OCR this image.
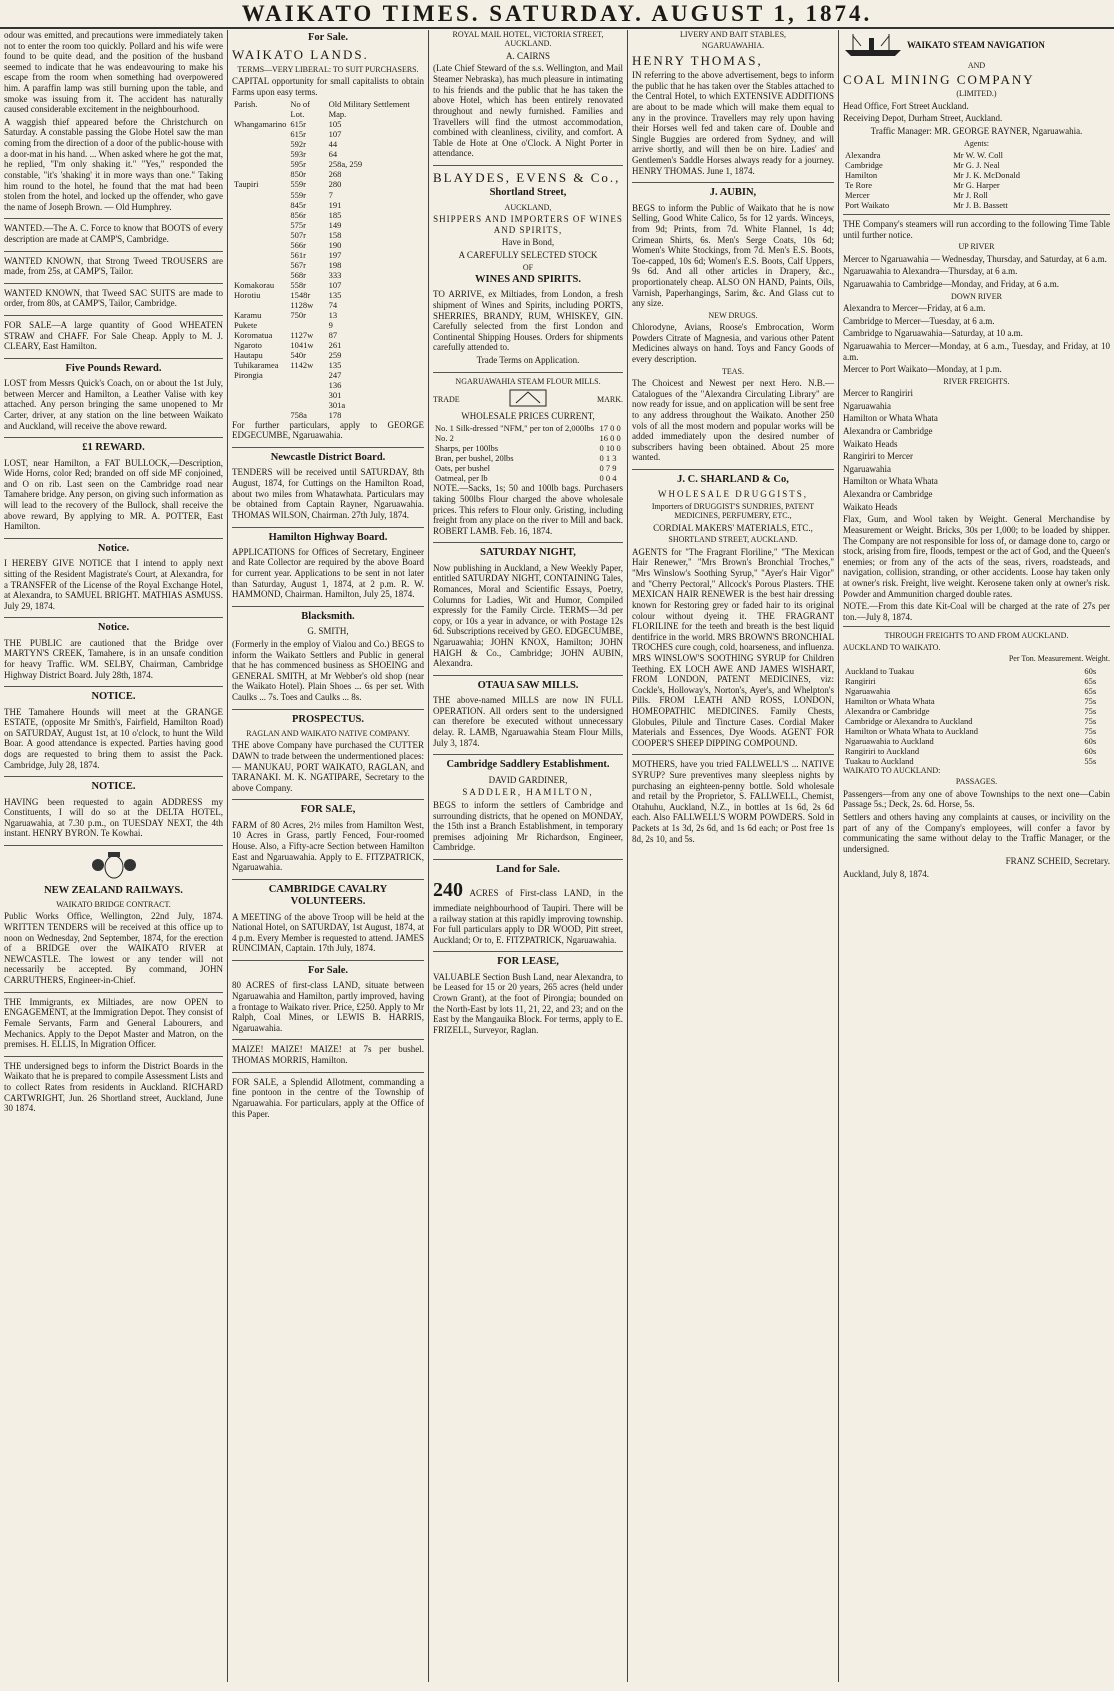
WAIKATO TIMES. SATURDAY. AUGUST 1, 1874.

odour was emitted, and precautions were immediately taken not to enter the room too quickly. Pollard and his wife were found to be quite dead, and the position of the husband seemed to indicate that he was endeavouring to make his escape from the room when something had overpowered him. A paraffin lamp was still burning upon the table, and smoke was issuing from it. The accident has naturally caused considerable excitement in the neighbourhood.

A waggish thief appeared before the Christchurch on Saturday. A constable passing the Globe Hotel saw the man coming from the direction of a door of the public-house with a door-mat in his hand. ... When asked where he got the mat, he replied, "I'm only shaking it." "Yes," responded the constable, "it's 'shaking' it in more ways than one." Taking him round to the hotel, he found that the mat had been stolen from the hotel, and locked up the offender, who gave the name of Joseph Brown. — Old Humphrey.

WANTED.—The A. C. Force to know that BOOTS of every description are made at CAMP'S, Cambridge.

WANTED KNOWN, that Strong Tweed TROUSERS are made, from 25s, at CAMP'S, Tailor.

WANTED KNOWN, that Tweed SAC SUITS are made to order, from 80s, at CAMP'S, Tailor, Cambridge.

FOR SALE—A large quantity of Good WHEATEN STRAW and CHAFF. For Sale Cheap. Apply to M. J. CLEARY, East Hamilton.

Five Pounds Reward.

LOST from Messrs Quick's Coach, on or about the 1st July, between Mercer and Hamilton, a Leather Valise with key attached. Any person bringing the same unopened to Mr Carter, driver, at any station on the line between Waikato and Auckland, will receive the above reward.

£1 REWARD.

LOST, near Hamilton, a FAT BULLOCK,—Description, Wide Horns, color Red; branded on off side MF conjoined, and O on rib. Last seen on the Cambridge road near Tamahere bridge. Any person, on giving such information as will lead to the recovery of the Bullock, shall receive the above reward, By applying to MR. A. POTTER, East Hamilton.

Notice.

I HEREBY GIVE NOTICE that I intend to apply next sitting of the Resident Magistrate's Court, at Alexandra, for a TRANSFER of the License of the Royal Exchange Hotel, at Alexandra, to SAMUEL BRIGHT. MATHIAS ASMUSS. July 29, 1874.

Notice.

THE PUBLIC are cautioned that the Bridge over MARTYN'S CREEK, Tamahere, is in an unsafe condition for heavy Traffic. WM. SELBY, Chairman, Cambridge Highway District Board. July 28th, 1874.

NOTICE.

THE Tamahere Hounds will meet at the GRANGE ESTATE, (opposite Mr Smith's, Fairfield, Hamilton Road) on SATURDAY, August 1st, at 10 o'clock, to hunt the Wild Boar. A good attendance is expected. Parties having good dogs are requested to bring them to assist the Pack. Cambridge, July 28, 1874.

NOTICE.

HAVING been requested to again ADDRESS my Constituents, I will do so at the DELTA HOTEL, Ngaruawahia, at 7.30 p.m., on TUESDAY NEXT, the 4th instant. HENRY BYRON. Te Kowhai.

NEW ZEALAND RAILWAYS.

WAIKATO BRIDGE CONTRACT.

Public Works Office, Wellington, 22nd July, 1874. WRITTEN TENDERS will be received at this office up to noon on Wednesday, 2nd September, 1874, for the erection of a BRIDGE over the WAIKATO RIVER at NEWCASTLE. The lowest or any tender will not necessarily be accepted. By command, JOHN CARRUTHERS, Engineer-in-Chief.

THE Immigrants, ex Miltiades, are now OPEN to ENGAGEMENT, at the Immigration Depot. They consist of Female Servants, Farm and General Labourers, and Mechanics. Apply to the Depot Master and Matron, on the premises. H. ELLIS, In Migration Officer.

THE undersigned begs to inform the District Boards in the Waikato that he is prepared to compile Assessment Lists and to collect Rates from residents in Auckland. RICHARD CARTWRIGHT, Jun. 26 Shortland street, Auckland, June 30 1874.

For Sale.

WAIKATO LANDS.

TERMS—VERY LIBERAL: TO SUIT PURCHASERS.

CAPITAL opportunity for small capitalists to obtain Farms upon easy terms.

Parish.	No of Lot.	Old Military Settlement Map.
Whangamarino	615r	105
	615r	107
	592r	44
	593r	64
	595r	258a, 259
	850r	268
Taupiri	559r	280
	559r	7
	845r	191
	856r	185
	575r	149
	507r	158
	566r	190
	561r	197
	567r	198
	568r	333
Komakorau	558r	107
Horotiu	1548r	135
	1128w	74
Karamu	750r	13
Pukete		9
Koromatua	1127w	87
Ngaroto	1041w	261
Hautapu	540r	259
Tuhikaramea	1142w	135
Pirongia		247
		136
		301
		301a
	758a	178

For further particulars, apply to GEORGE EDGECUMBE, Ngaruawahia.

Newcastle District Board.

TENDERS will be received until SATURDAY, 8th August, 1874, for Cuttings on the Hamilton Road, about two miles from Whatawhata. Particulars may be obtained from Captain Rayner, Ngaruawahia. THOMAS WILSON, Chairman. 27th July, 1874.

Hamilton Highway Board.

APPLICATIONS for Offices of Secretary, Engineer and Rate Collector are required by the above Board for current year. Applications to be sent in not later than Saturday, August 1, 1874, at 2 p.m. R. W. HAMMOND, Chairman. Hamilton, July 25, 1874.

Blacksmith.

G. SMITH,

(Formerly in the employ of Vialou and Co.) BEGS to inform the Waikato Settlers and Public in general that he has commenced business as SHOEING and GENERAL SMITH, at Mr Webber's old shop (near the Waikato Hotel). Plain Shoes ... 6s per set. With Caulks ... 7s. Toes and Caulks ... 8s.

PROSPECTUS.

RAGLAN AND WAIKATO NATIVE COMPANY.

THE above Company have purchased the CUTTER DAWN to trade between the undermentioned places:— MANUKAU, PORT WAIKATO, RAGLAN, and TARANAKI. M. K. NGATIPARE, Secretary to the above Company.

FOR SALE,

FARM of 80 Acres, 2½ miles from Hamilton West, 10 Acres in Grass, partly Fenced, Four-roomed House. Also, a Fifty-acre Section between Hamilton East and Ngaruawahia. Apply to E. FITZPATRICK, Ngaruawahia.

CAMBRIDGE CAVALRY VOLUNTEERS.

A MEETING of the above Troop will be held at the National Hotel, on SATURDAY, 1st August, 1874, at 4 p.m. Every Member is requested to attend. JAMES RUNCIMAN, Captain. 17th July, 1874.

For Sale.

80 ACRES of first-class LAND, situate between Ngaruawahia and Hamilton, partly improved, having a frontage to Waikato river. Price, £250. Apply to Mr Ralph, Coal Mines, or LEWIS B. HARRIS, Ngaruawahia.

MAIZE! MAIZE! MAIZE! at 7s per bushel. THOMAS MORRIS, Hamilton.

FOR SALE, a Splendid Allotment, commanding a fine pontoon in the centre of the Township of Ngaruawahia. For particulars, apply at the Office of this Paper.

ROYAL MAIL HOTEL, VICTORIA STREET, AUCKLAND.

A. CAIRNS

(Late Chief Steward of the s.s. Wellington, and Mail Steamer Nebraska), has much pleasure in intimating to his friends and the public that he has taken the above Hotel, which has been entirely renovated throughout and newly furnished. Families and Travellers will find the utmost accommodation, combined with cleanliness, civility, and comfort. A Table de Hote at One o'Clock. A Night Porter in attendance.

BLAYDES, EVENS & Co.,

Shortland Street,

AUCKLAND,

SHIPPERS AND IMPORTERS OF WINES AND SPIRITS,

Have in Bond,

A CAREFULLY SELECTED STOCK

OF

WINES AND SPIRITS.

TO ARRIVE, ex Miltiades, from London, a fresh shipment of Wines and Spirits, including PORTS, SHERRIES, BRANDY, RUM, WHISKEY, GIN. Carefully selected from the first London and Continental Shipping Houses. Orders for shipments carefully attended to.

Trade Terms on Application.

NGARUAWAHIA STEAM FLOUR MILLS.

TRADE	MARK.

WHOLESALE PRICES CURRENT,

No. 1 Silk-dressed "NFM," per ton of 2,000lbs	17 0 0
No. 2	16 0 0
Sharps, per 100lbs	0 10 0
Bran, per bushel, 20lbs	0 1 3
Oats, per bushel	0 7 9
Oatmeal, per lb	0 0 4

NOTE.—Sacks, 1s; 50 and 100lb bags. Purchasers taking 500lbs Flour charged the above wholesale prices. This refers to Flour only. Gristing, including freight from any place on the river to Mill and back. ROBERT LAMB. Feb. 16, 1874.

SATURDAY NIGHT,

Now publishing in Auckland, a New Weekly Paper, entitled SATURDAY NIGHT, CONTAINING Tales, Romances, Moral and Scientific Essays, Poetry, Columns for Ladies, Wit and Humor, Compiled expressly for the Family Circle. TERMS—3d per copy, or 10s a year in advance, or with Postage 12s 6d. Subscriptions received by GEO. EDGECUMBE, Ngaruawahia; JOHN KNOX, Hamilton; JOHN HAIGH & Co., Cambridge; JOHN AUBIN, Alexandra.

OTAUA SAW MILLS.

THE above-named MILLS are now IN FULL OPERATION. All orders sent to the undersigned can therefore be executed without unnecessary delay. R. LAMB, Ngaruawahia Steam Flour Mills, July 3, 1874.

Cambridge Saddlery Establishment.

DAVID GARDINER,

SADDLER, HAMILTON,

BEGS to inform the settlers of Cambridge and surrounding districts, that he opened on MONDAY, the 15th inst a Branch Establishment, in temporary premises adjoining Mr Richardson, Engineer, Cambridge.

Land for Sale.

240 ACRES of First-class LAND, in the immediate neighbourhood of Taupiri. There will be a railway station at this rapidly improving township. For full particulars apply to DR WOOD, Pitt street, Auckland; Or to, E. FITZPATRICK, Ngaruawahia.

FOR LEASE,

VALUABLE Section Bush Land, near Alexandra, to be Leased for 15 or 20 years, 265 acres (held under Crown Grant), at the foot of Pirongia; bounded on the North-East by lots 11, 21, 22, and 23; and on the East by the Mangauika Block. For terms, apply to E. FRIZELL, Surveyor, Raglan.

LIVERY AND BAIT STABLES,

NGARUAWAHIA.

HENRY THOMAS,

IN referring to the above advertisement, begs to inform the public that he has taken over the Stables attached to the Central Hotel, to which EXTENSIVE ADDITIONS are about to be made which will make them equal to any in the province. Travellers may rely upon having their Horses well fed and taken care of. Double and Single Buggies are ordered from Sydney, and will arrive shortly, and will then be on hire. Ladies' and Gentlemen's Saddle Horses always ready for a journey. HENRY THOMAS. June 1, 1874.

J. AUBIN,

BEGS to inform the Public of Waikato that he is now Selling, Good White Calico, 5s for 12 yards. Winceys, from 9d; Prints, from 7d. White Flannel, 1s 4d; Crimean Shirts, 6s. Men's Serge Coats, 10s 6d; Women's White Stockings, from 7d. Men's E.S. Boots, Toe-capped, 10s 6d; Women's E.S. Boots, Calf Uppers, 9s 6d. And all other articles in Drapery, &c., proportionately cheap. ALSO ON HAND, Paints, Oils, Varnish, Paperhangings, Sarim, &c. And Glass cut to any size.

NEW DRUGS.

Chlorodyne, Avians, Roose's Embrocation, Worm Powders Citrate of Magnesia, and various other Patent Medicines always on hand. Toys and Fancy Goods of every description.

TEAS.

The Choicest and Newest per next Hero. N.B.—Catalogues of the "Alexandra Circulating Library" are now ready for issue, and on application will be sent free to any address throughout the Waikato. Another 250 vols of all the most modern and popular works will be added immediately upon the desired number of subscribers having been obtained. About 25 more wanted.

J. C. SHARLAND & Co,

WHOLESALE DRUGGISTS,

Importers of DRUGGIST'S SUNDRIES, PATENT MEDICINES, PERFUMERY, ETC.,

CORDIAL MAKERS' MATERIALS, ETC.,

SHORTLAND STREET, AUCKLAND.

AGENTS for "The Fragrant Floriline," "The Mexican Hair Renewer," "Mrs Brown's Bronchial Troches," "Mrs Winslow's Soothing Syrup," "Ayer's Hair Vigor" and "Cherry Pectoral," Allcock's Porous Plasters. THE MEXICAN HAIR RENEWER is the best hair dressing known for Restoring grey or faded hair to its original colour without dyeing it. THE FRAGRANT FLORILINE for the teeth and breath is the best liquid dentifrice in the world. MRS BROWN'S BRONCHIAL TROCHES cure cough, cold, hoarseness, and influenza. MRS WINSLOW'S SOOTHING SYRUP for Children Teething. EX LOCH AWE AND JAMES WISHART, FROM LONDON, PATENT MEDICINES, viz: Cockle's, Holloway's, Norton's, Ayer's, and Whelpton's Pills. FROM LEATH AND ROSS, LONDON, HOMEOPATHIC MEDICINES. Family Chests, Globules, Pilule and Tincture Cases. Cordial Maker Materials and Essences, Dye Woods. AGENT FOR COOPER'S SHEEP DIPPING COMPOUND.

MOTHERS, have you tried FALLWELL'S ... NATIVE SYRUP? Sure preventives many sleepless nights by purchasing an eighteen-penny bottle. Sold wholesale and retail by the Proprietor, S. FALLWELL, Chemist, Otahuhu, Auckland, N.Z., in bottles at 1s 6d, 2s 6d each. Also FALLWELL'S WORM POWDERS. Sold in Packets at 1s 3d, 2s 6d, and 1s 6d each; or Post free 1s 8d, 2s 10, and 5s.

WAIKATO STEAM NAVIGATION

AND

COAL MINING COMPANY

(LIMITED.)

Head Office, Fort Street Auckland.

Receiving Depot, Durham Street, Auckland.

Traffic Manager: MR. GEORGE RAYNER, Ngaruawahia.

Agents:

Alexandra	Mr W. W. Coll
Cambridge	Mr G. J. Neal
Hamilton	Mr J. K. McDonald
Te Rore	Mr G. Harper
Mercer	Mr J. Roll
Port Waikato	Mr J. B. Bassett

THE Company's steamers will run according to the following Time Table until further notice.

UP RIVER

Mercer to Ngaruawahia — Wednesday, Thursday, and Saturday, at 6 a.m.

Ngaruawahia to Alexandra—Thursday, at 6 a.m.

Ngaruawahia to Cambridge—Monday, and Friday, at 6 a.m.

DOWN RIVER

Alexandra to Mercer—Friday, at 6 a.m.

Cambridge to Mercer—Tuesday, at 6 a.m.

Cambridge to Ngaruawahia—Saturday, at 10 a.m.

Ngaruawahia to Mercer—Monday, at 6 a.m., Tuesday, and Friday, at 10 a.m.

Mercer to Port Waikato—Monday, at 1 p.m.

RIVER FREIGHTS.

Mercer to Rangiriri

Ngaruawahia

Hamilton or Whata Whata

Alexandra or Cambridge

Waikato Heads

Rangiriri to Mercer

Ngaruawahia

Hamilton or Whata Whata

Alexandra or Cambridge

Waikato Heads

Flax, Gum, and Wool taken by Weight. General Merchandise by Measurement or Weight. Bricks, 30s per 1,000; to be loaded by shipper. The Company are not responsible for loss of, or damage done to, cargo or stock, arising from fire, floods, tempest or the act of God, and the Queen's enemies; or from any of the acts of the seas, rivers, roadsteads, and navigation, collision, stranding, or other accidents. Loose hay taken only at owner's risk. Freight, live weight. Kerosene taken only at owner's risk. Powder and Ammunition charged double rates.

NOTE.—From this date Kit-Coal will be charged at the rate of 27s per ton.—July 8, 1874.

THROUGH FREIGHTS TO AND FROM AUCKLAND.

AUCKLAND TO WAIKATO.

Per Ton. Measurement. Weight.

Auckland to Tuakau	60s
Rangiriri	65s
Ngaruawahia	65s
Hamilton or Whata Whata	75s
Alexandra or Cambridge	75s
Cambridge or Alexandra to Auckland	75s
Hamilton or Whata Whata to Auckland	75s
Ngaruawahia to Auckland	60s
Rangiriri to Auckland	60s
Tuakau to Auckland	55s

WAIKATO TO AUCKLAND:

PASSAGES.

Passengers—from any one of above Townships to the next one—Cabin Passage 5s.; Deck, 2s. 6d. Horse, 5s.

Settlers and others having any complaints at causes, or incivility on the part of any of the Company's employees, will confer a favor by communicating the same without delay to the Traffic Manager, or the undersigned.

FRANZ SCHEID, Secretary.

Auckland, July 8, 1874.
